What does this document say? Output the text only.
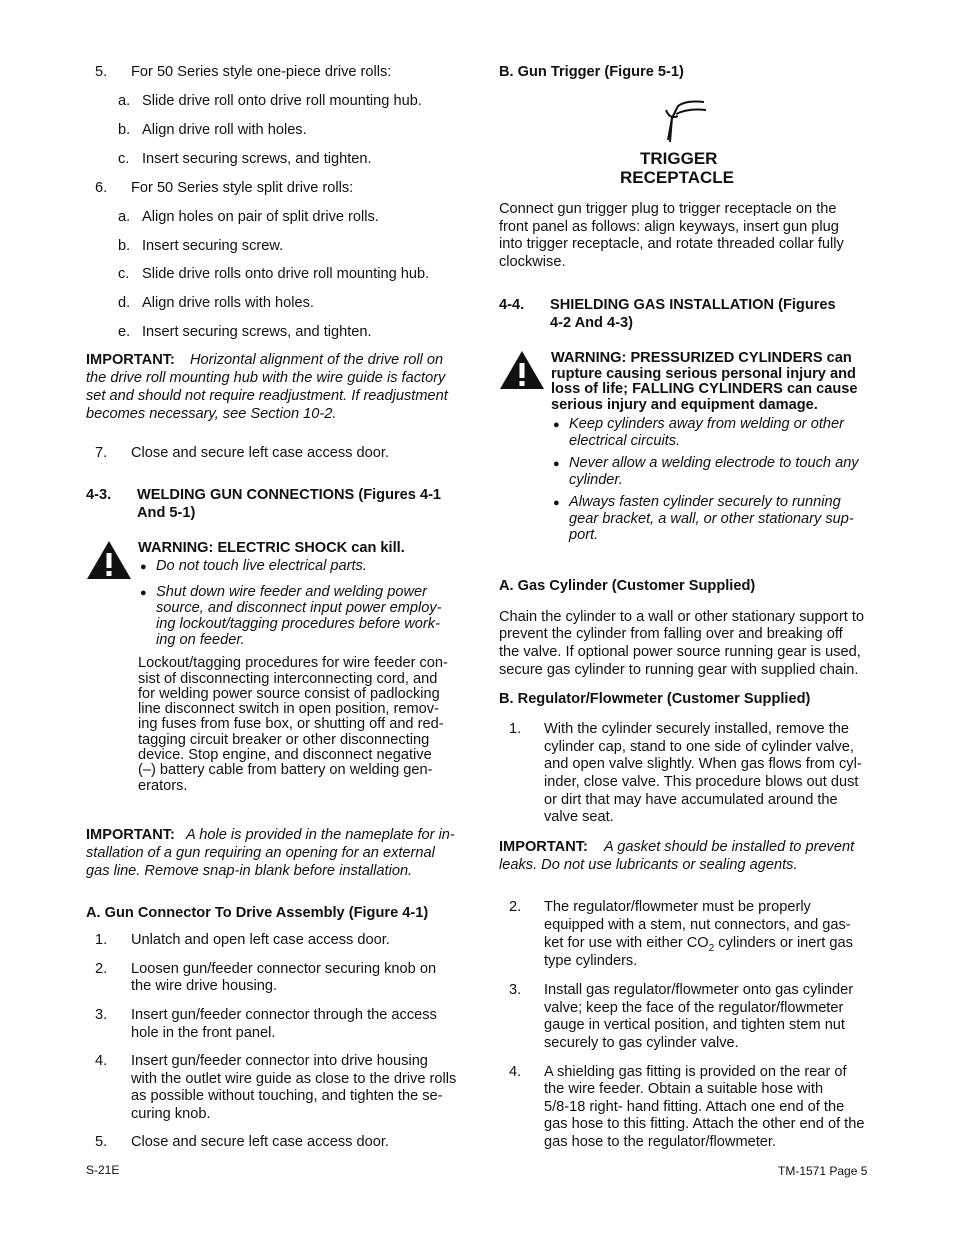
5. For 50 Series style one-piece drive rolls:
a. Slide drive roll onto drive roll mounting hub.
b. Align drive roll with holes.
c. Insert securing screws, and tighten.
6. For 50 Series style split drive rolls:
a. Align holes on pair of split drive rolls.
b. Insert securing screw.
c. Slide drive rolls onto drive roll mounting hub.
d. Align drive rolls with holes.
e. Insert securing screws, and tighten.
IMPORTANT: Horizontal alignment of the drive roll on
the drive roll mounting hub with the wire guide is factory
set and should not require readjustment. If readjustment
becomes necessary, see Section 10-2.
7. Close and secure left case access door.
4-3. WELDING GUN CONNECTIONS (Figures 4-1
And 5-1)
WARNING: ELECTRIC SHOCK can kill.
● Do not touch live electrical parts.
● Shut down wire feeder and welding power
source, and disconnect input power employ-
ing lockout/tagging procedures before work-
ing on feeder.
Lockout/tagging procedures for wire feeder con-
sist of disconnecting interconnecting cord, and
for welding power source consist of padlocking
line disconnect switch in open position, remov-
ing fuses from fuse box, or shutting off and red-
tagging circuit breaker or other disconnecting
device. Stop engine, and disconnect negative
(–) battery cable from battery on welding gen-
erators.
IMPORTANT: A hole is provided in the nameplate for in-
stallation of a gun requiring an opening for an external
gas line. Remove snap-in blank before installation.
A. Gun Connector To Drive Assembly (Figure 4-1)
1. Unlatch and open left case access door.
2. Loosen gun/feeder connector securing knob on
the wire drive housing.
3. Insert gun/feeder connector through the access
hole in the front panel.
4. Insert gun/feeder connector into drive housing
with the outlet wire guide as close to the drive rolls
as possible without touching, and tighten the se-
curing knob.
5. Close and secure left case access door.
B. Gun Trigger (Figure 5-1)
TRIGGER
RECEPTACLE
Connect gun trigger plug to trigger receptacle on the
front panel as follows: align keyways, insert gun plug
into trigger receptacle, and rotate threaded collar fully
clockwise.
4-4. SHIELDING GAS INSTALLATION (Figures
4-2 And 4-3)
WARNING: PRESSURIZED CYLINDERS can
rupture causing serious personal injury and
loss of life; FALLING CYLINDERS can cause
serious injury and equipment damage.
● Keep cylinders away from welding or other
electrical circuits.
● Never allow a welding electrode to touch any
cylinder.
● Always fasten cylinder securely to running
gear bracket, a wall, or other stationary sup-
port.
A. Gas Cylinder (Customer Supplied)
Chain the cylinder to a wall or other stationary support to
prevent the cylinder from falling over and breaking off
the valve. If optional power source running gear is used,
secure gas cylinder to running gear with supplied chain.
B. Regulator/Flowmeter (Customer Supplied)
1. With the cylinder securely installed, remove the
cylinder cap, stand to one side of cylinder valve,
and open valve slightly. When gas flows from cyl-
inder, close valve. This procedure blows out dust
or dirt that may have accumulated around the
valve seat.
IMPORTANT: A gasket should be installed to prevent
leaks. Do not use lubricants or sealing agents.
2. The regulator/flowmeter must be properly
equipped with a stem, nut connectors, and gas-
ket for use with either $CO_2$ cylinders or inert gas
type cylinders.
3. Install gas regulator/flowmeter onto gas cylinder
valve; keep the face of the regulator/flowmeter
gauge in vertical position, and tighten stem nut
securely to gas cylinder valve.
4. A shielding gas fitting is provided on the rear of
the wire feeder. Obtain a suitable hose with
5/8-18 right- hand fitting. Attach one end of the
gas hose to this fitting. Attach the other end of the
gas hose to the regulator/flowmeter.
S-21E	TM-1571 Page 5
